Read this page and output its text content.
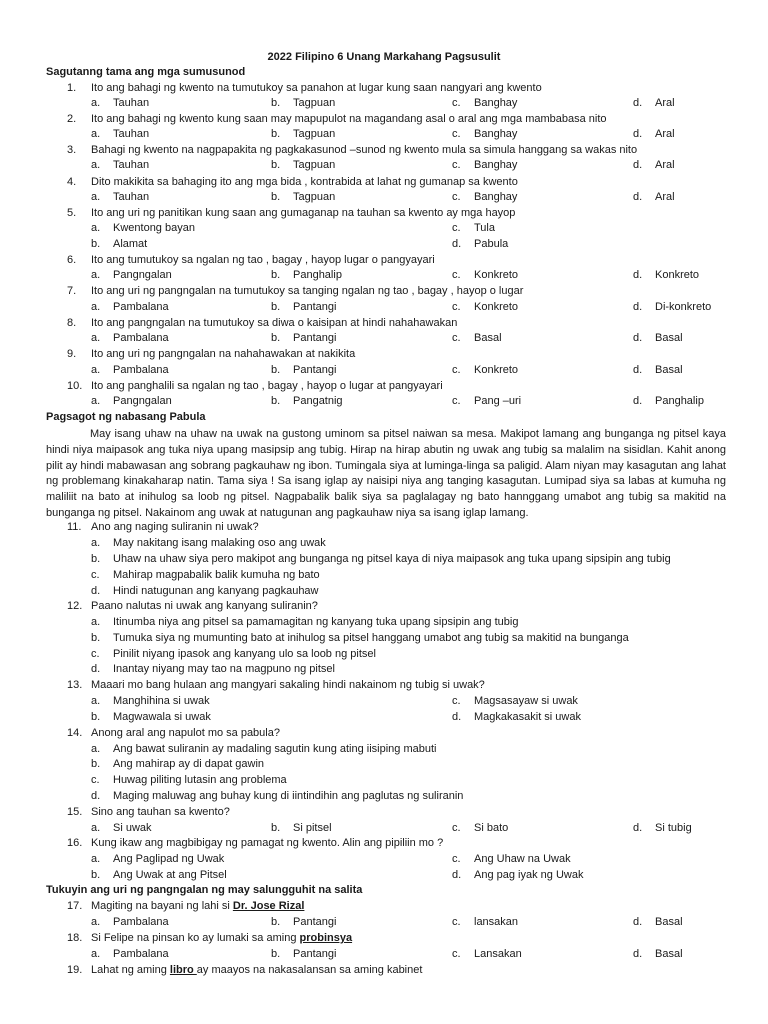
2022 Filipino 6 Unang Markahang Pagsusulit
Sagutanng tama ang mga sumusunod
1.	Ito ang bahagi ng kwento na tumutukoy sa panahon at lugar kung saan nangyari ang kwento
a.	Tauhan	b.	Tagpuan	c.	Banghay	d.	Aral
2.	Ito ang bahagi ng kwento kung saan may mapupulot na magandang asal o aral ang mga mambabasa nito
a.	Tauhan	b.	Tagpuan	c.	Banghay	d.	Aral
3.	Bahagi ng kwento na nagpapakita ng pagkakasunod –sunod ng kwento mula sa simula hanggang sa wakas nito
a.	Tauhan	b.	Tagpuan	c.	Banghay	d.	Aral
4.	Dito makikita sa bahaging ito ang mga bida , kontrabida at lahat ng gumanap sa kwento
a.	Tauhan	b.	Tagpuan	c.	Banghay	d.	Aral
5.	Ito ang uri ng panitikan kung saan ang gumaganap na tauhan sa kwento ay mga hayop
a.	Kwentong bayan	c.	Tula
b.	Alamat	d.	Pabula
6.	Ito ang tumutukoy sa ngalan ng tao , bagay , hayop lugar o pangyayari
a.	Pangngalan	b.	Panghalip	c.	Konkreto	d.	Konkreto
7.	Ito ang uri ng pangngalan na tumutukoy sa tanging ngalan ng tao , bagay , hayop o lugar
a.	Pambalana	b.	Pantangi	c.	Konkreto	d.	Di-konkreto
8.	Ito ang pangngalan na tumutukoy sa diwa o kaisipan at hindi nahahawakan
a.	Pambalana	b.	Pantangi	c.	Basal	d.	Basal
9.	Ito ang uri ng pangngalan na nahahawakan at nakikita
a.	Pambalana	b.	Pantangi	c.	Konkreto	d.	Basal
10. Ito ang panghalili sa ngalan ng tao , bagay , hayop o lugar at pangyayari
a.	Pangngalan	b.	Pangatnig	c.	Pang –uri	d.	Panghalip
Pagsagot ng nabasang Pabula

May isang uhaw na uhaw na uwak na gustong uminom sa pitsel naiwan sa mesa. Makipot lamang ang bunganga ng pitsel kaya hindi niya maipasok ang tuka niya upang masipsip ang tubig. Hirap na hirap abutin ng uwak ang tubig sa malalim na sisidlan. Kahit anong pilit ay hindi mabawasan ang sobrang pagkauhaw ng ibon. Tumingala siya at luminga-linga sa paligid. Alam niyan may kasagutan ang lahat ng problemang kinakaharap natin. Tama siya ! Sa isang iglap ay naisipi niya ang tanging kasagutan. Lumipad siya sa labas at kumuha ng maliliit na bato at inihulog sa loob ng pitsel. Nagpabalik balik siya sa paglalagay ng bato hannggang umabot ang tubig sa makitid na bunganga ng pitsel. Nakainom ang uwak at natugunan ang pagkauhaw niya sa isang iglap lamang.

11. Ano ang naging suliranin ni uwak?
a.	May nakitang isang malaking oso ang uwak
b.	Uhaw na uhaw siya pero makipot ang bunganga ng pitsel kaya di niya maipasok ang tuka upang sipsipin ang tubig
c.	Mahirap magpabalik balik kumuha ng bato
d.	Hindi natugunan ang kanyang pagkauhaw
12. Paano nalutas ni uwak ang kanyang suliranin?
a.	Itinumba niya ang pitsel sa pamamagitan ng kanyang tuka upang sipsipin ang tubig
b.	Tumuka siya ng mumunting bato at inihulog sa pitsel hanggang umabot ang tubig sa makitid na bunganga
c.	Pinilit niyang ipasok ang kanyang ulo sa loob ng pitsel
d.	Inantay niyang may tao na magpuno ng pitsel
13. Maaari mo bang hulaan ang mangyari sakaling hindi nakainom ng tubig si uwak?
a.	Manghihina si uwak	c.	Magsasayaw si uwak
b.	Magwawala si uwak	d.	Magkakasakit si uwak
14. Anong aral ang napulot mo sa pabula?
a.	Ang bawat suliranin ay madaling sagutin kung ating iisiping mabuti
b.	Ang mahirap ay di dapat gawin
c.	Huwag piliting lutasin ang problema
d.	Maging maluwag ang buhay kung di iintindihin ang paglutas ng suliranin
15. Sino ang tauhan sa kwento?
a.	Si uwak	b.	Si pitsel	c.	Si bato	d.	Si tubig
16. Kung ikaw ang magbibigay ng pamagat ng kwento. Alin ang pipiliin mo ?
a.	Ang Paglipad ng Uwak	c.	Ang Uhaw na Uwak
b.	Ang Uwak at ang Pitsel	d.	Ang pag iyak ng Uwak
Tukuyin ang uri ng pangngalan ng may salungguhit na salita
17. Magiting na bayani ng lahi si Dr. Jose Rizal
a.	Pambalana	b.	Pantangi	c.	lansakan	d.	Basal
18. Si Felipe na pinsan ko ay lumaki sa aming probinsya
a.	Pambalana	b.	Pantangi	c.	Lansakan	d.	Basal
19. Lahat ng aming libro ay maayos na nakasalansan sa aming kabinet
